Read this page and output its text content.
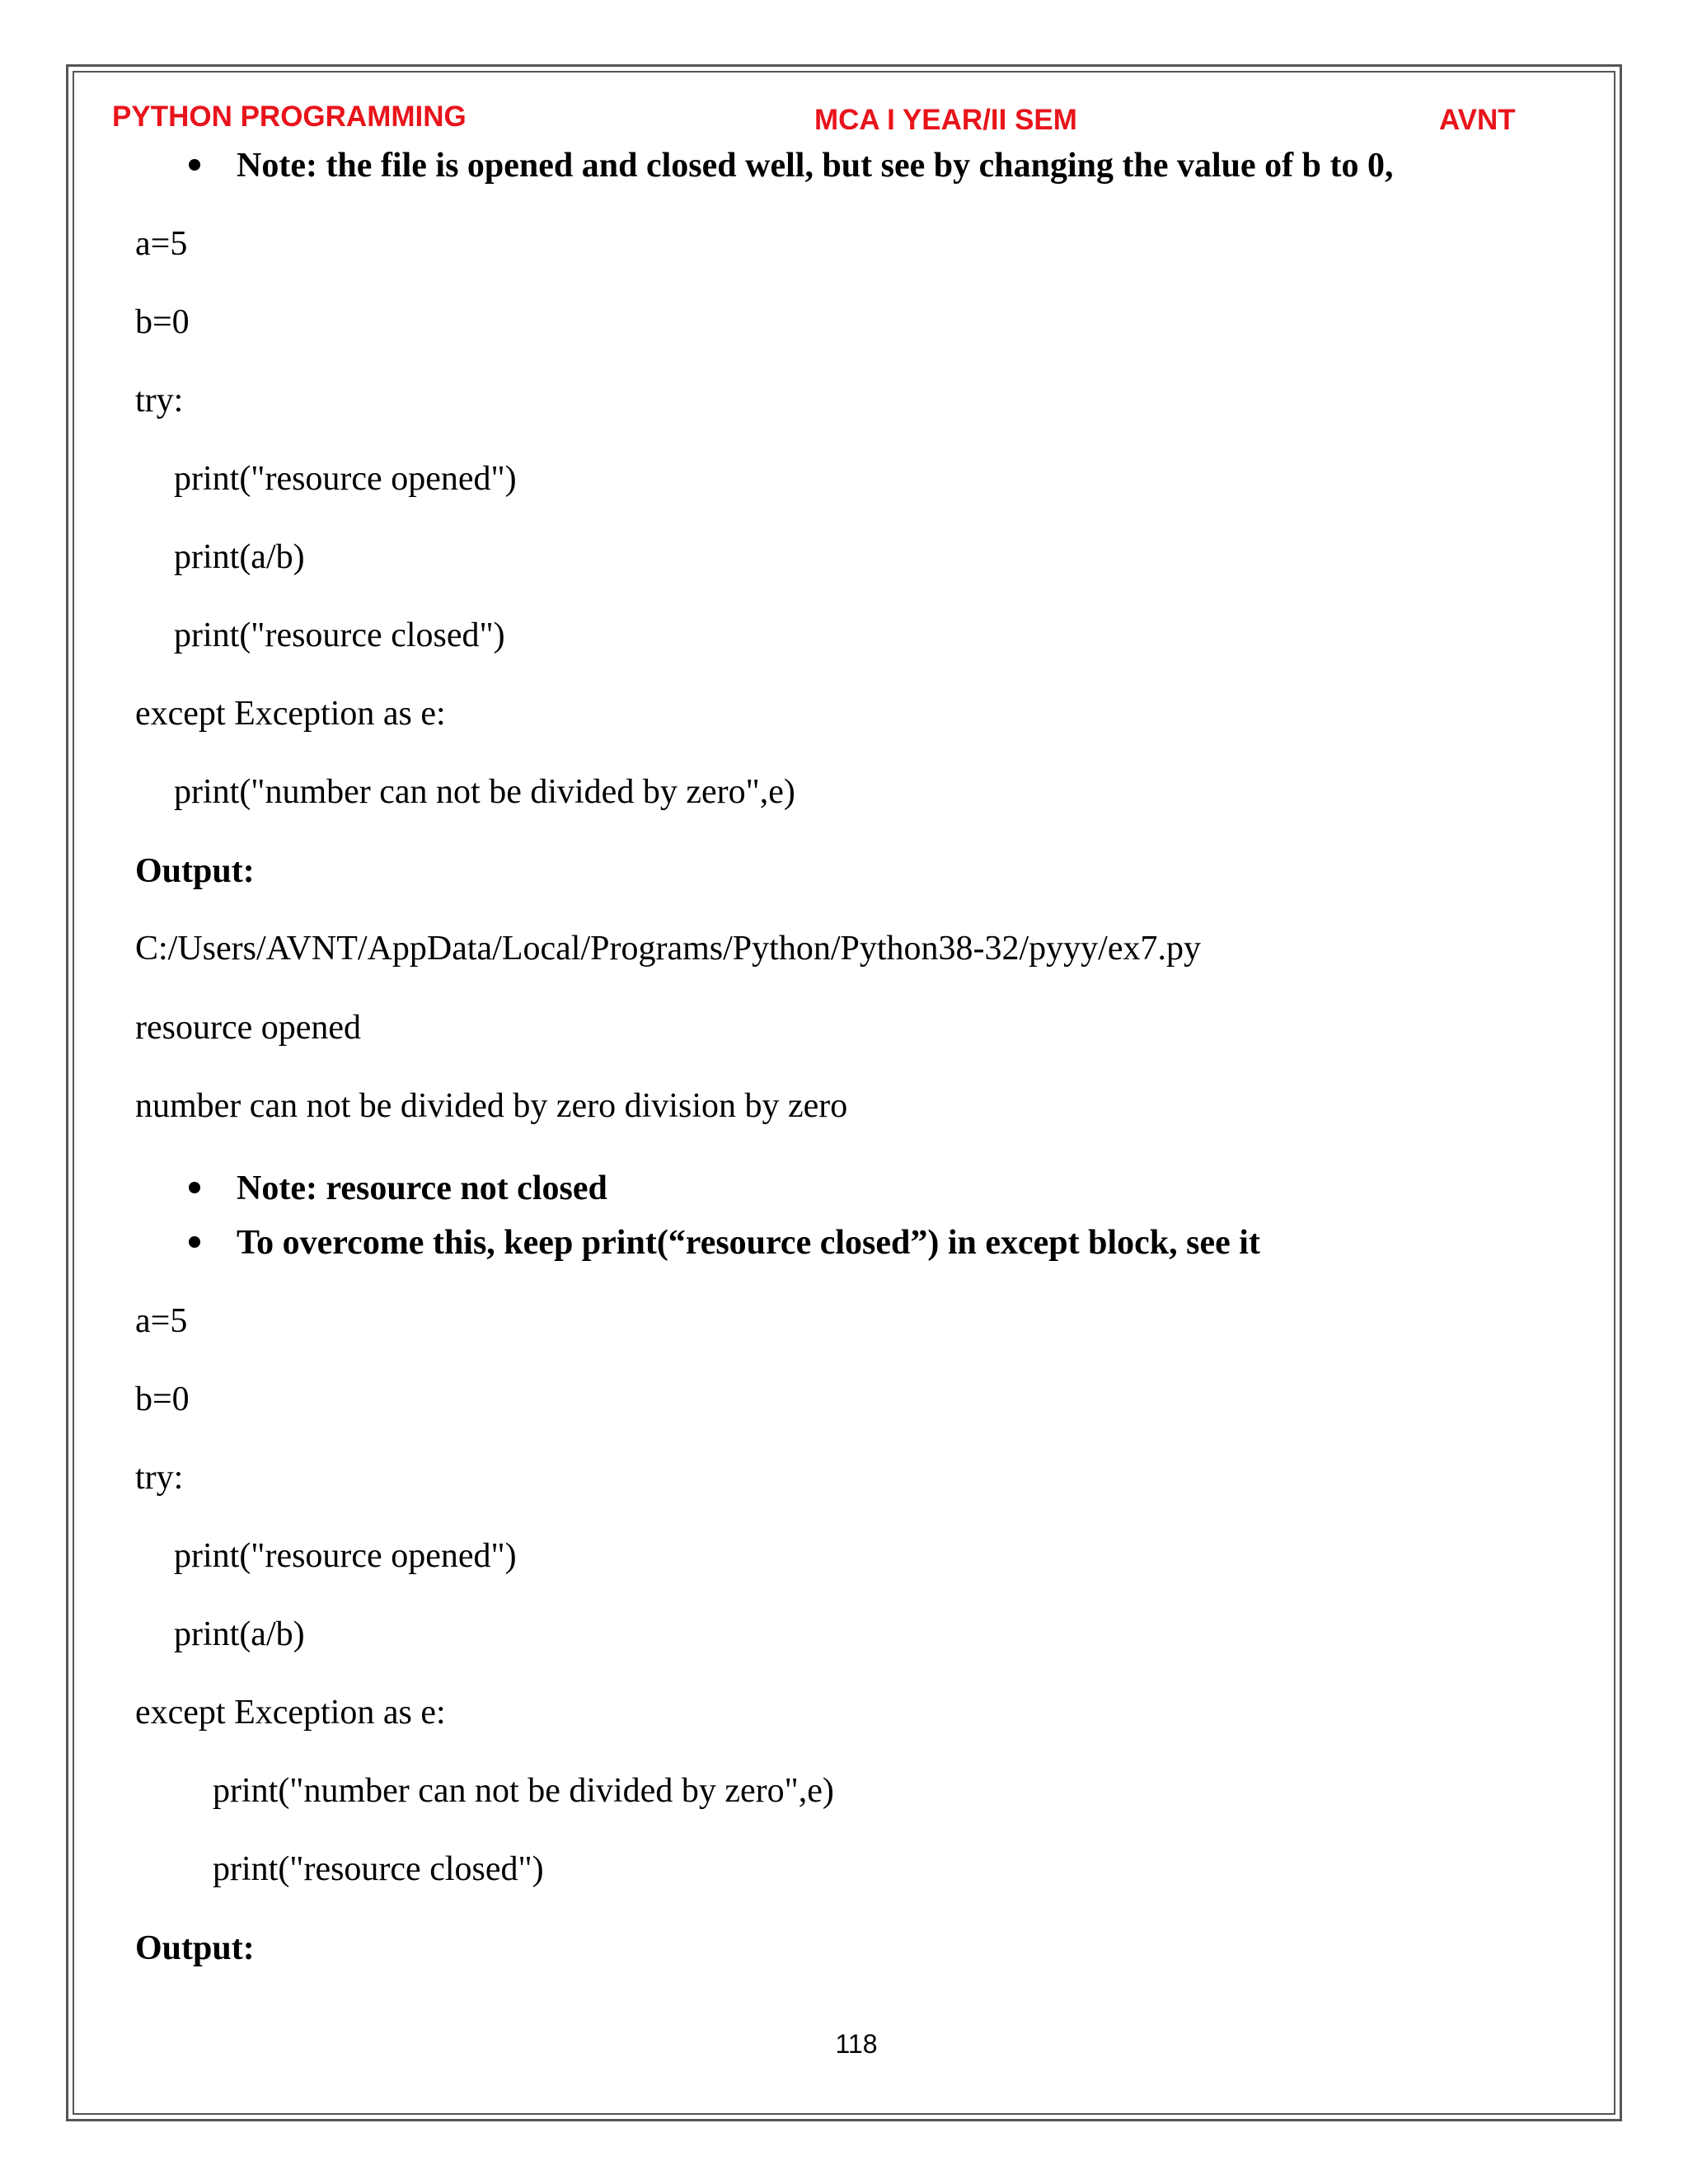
PYTHON PROGRAMMING	MCA I YEAR/II SEM	AVNT
Note: the file is opened and closed well, but see by changing the value of b to 0,
a=5
b=0
try:
print("resource opened")
print(a/b)
print("resource closed")
except Exception as e:
print("number can not be divided by zero",e)
Output:
C:/Users/AVNT/AppData/Local/Programs/Python/Python38-32/pyyy/ex7.py
resource opened
number can not be divided by zero division by zero
Note: resource not closed
To overcome this, keep print(“resource closed”) in except block, see it
a=5
b=0
try:
print("resource opened")
print(a/b)
except Exception as e:
print("number can not be divided by zero",e)
print("resource closed")
Output:
118
